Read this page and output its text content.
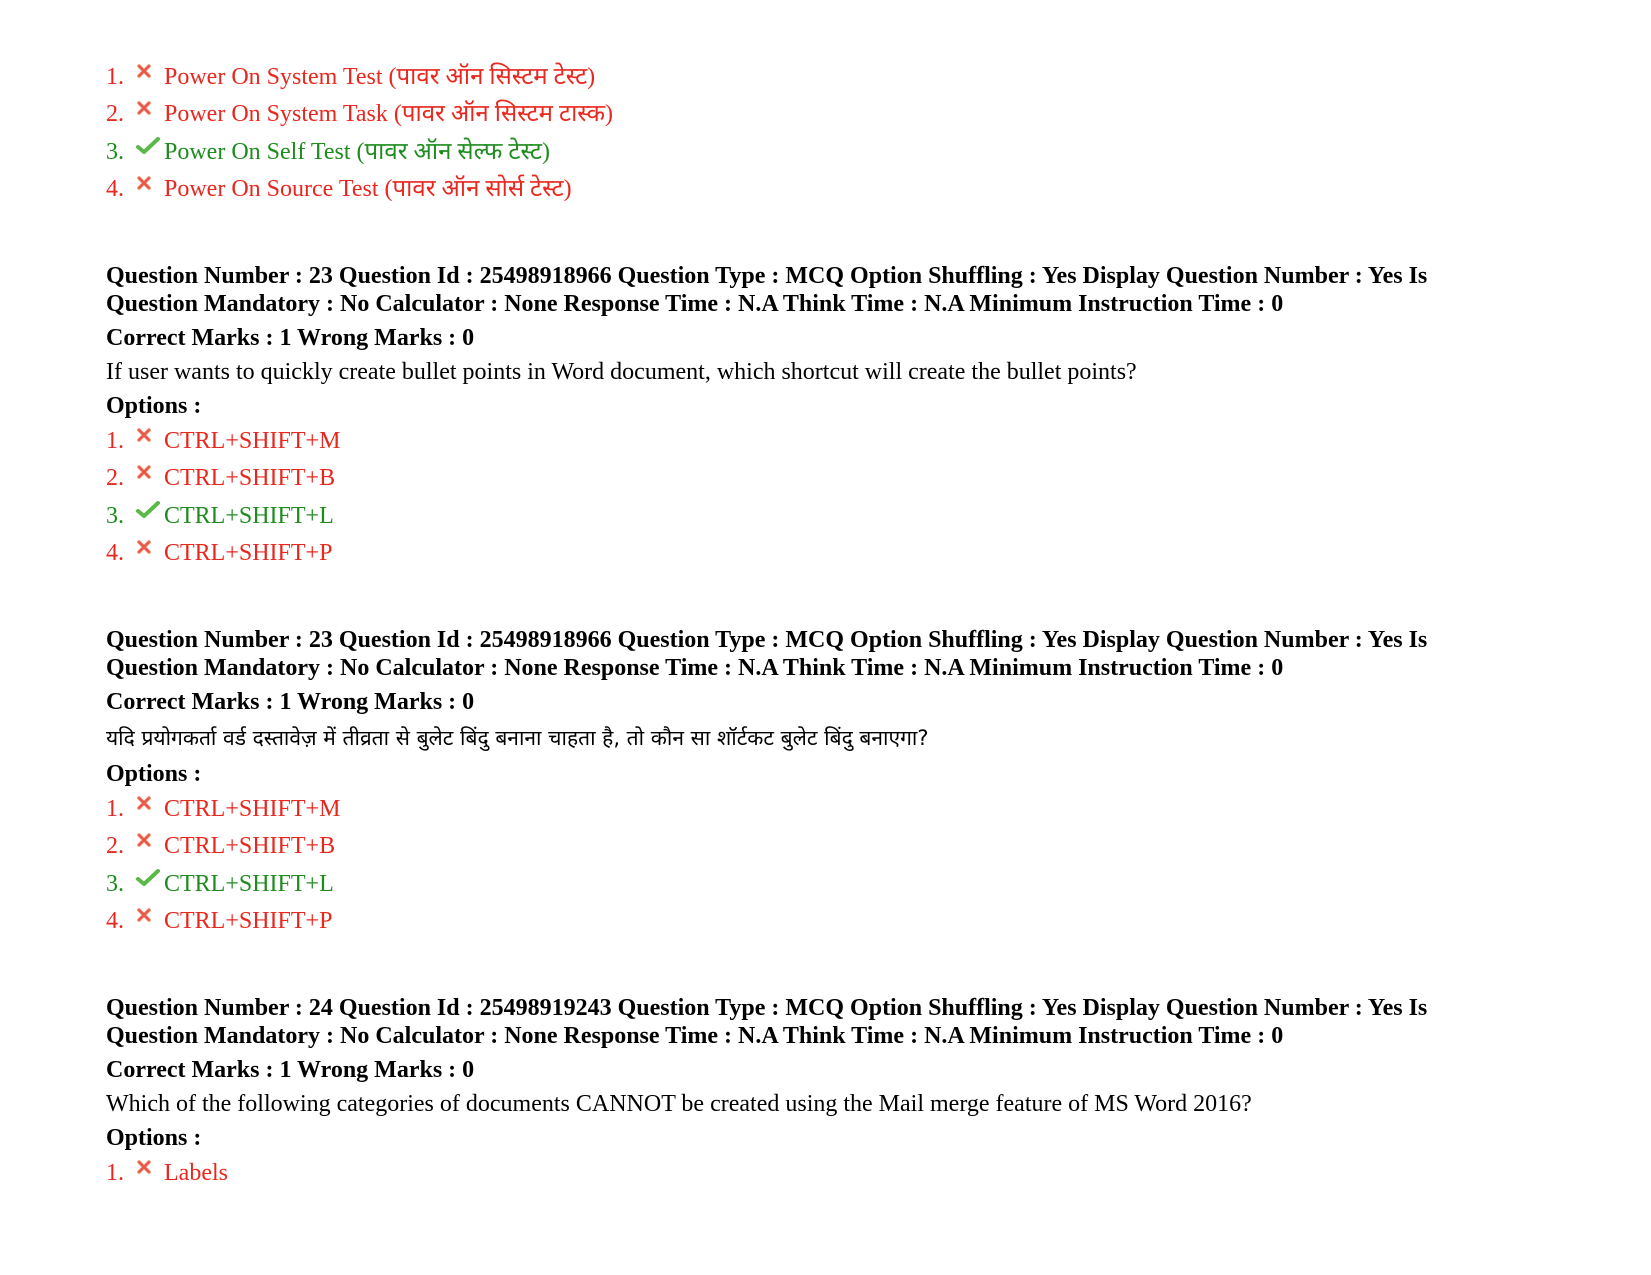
1.	Power On System Test (पावर ऑन सिस्टम टेस्ट)
2.	Power On System Task (पावर ऑन सिस्टम टास्क)
3.	Power On Self Test (पावर ऑन सेल्फ टेस्ट)
4.	Power On Source Test (पावर ऑन सोर्स टेस्ट)
Question Number : 23 Question Id : 25498918966 Question Type : MCQ Option Shuffling : Yes Display Question Number : Yes Is
Question Mandatory : No Calculator : None Response Time : N.A Think Time : N.A Minimum Instruction Time : 0
Correct Marks : 1 Wrong Marks : 0
If user wants to quickly create bullet points in Word document, which shortcut will create the bullet points?
Options :
1.	CTRL+SHIFT+M
2.	CTRL+SHIFT+B
3.	CTRL+SHIFT+L
4.	CTRL+SHIFT+P
Question Number : 23 Question Id : 25498918966 Question Type : MCQ Option Shuffling : Yes Display Question Number : Yes Is
Question Mandatory : No Calculator : None Response Time : N.A Think Time : N.A Minimum Instruction Time : 0
Correct Marks : 1 Wrong Marks : 0
यदि प्रयोगकर्ता वर्ड दस्तावेज़ में तीव्रता से बुलेट बिंदु बनाना चाहता है, तो कौन सा शॉर्टकट बुलेट बिंदु बनाएगा?
Options :
1.	CTRL+SHIFT+M
2.	CTRL+SHIFT+B
3.	CTRL+SHIFT+L
4.	CTRL+SHIFT+P
Question Number : 24 Question Id : 25498919243 Question Type : MCQ Option Shuffling : Yes Display Question Number : Yes Is
Question Mandatory : No Calculator : None Response Time : N.A Think Time : N.A Minimum Instruction Time : 0
Correct Marks : 1 Wrong Marks : 0
Which of the following categories of documents CANNOT be created using the Mail merge feature of MS Word 2016?
Options :
1.	Labels
